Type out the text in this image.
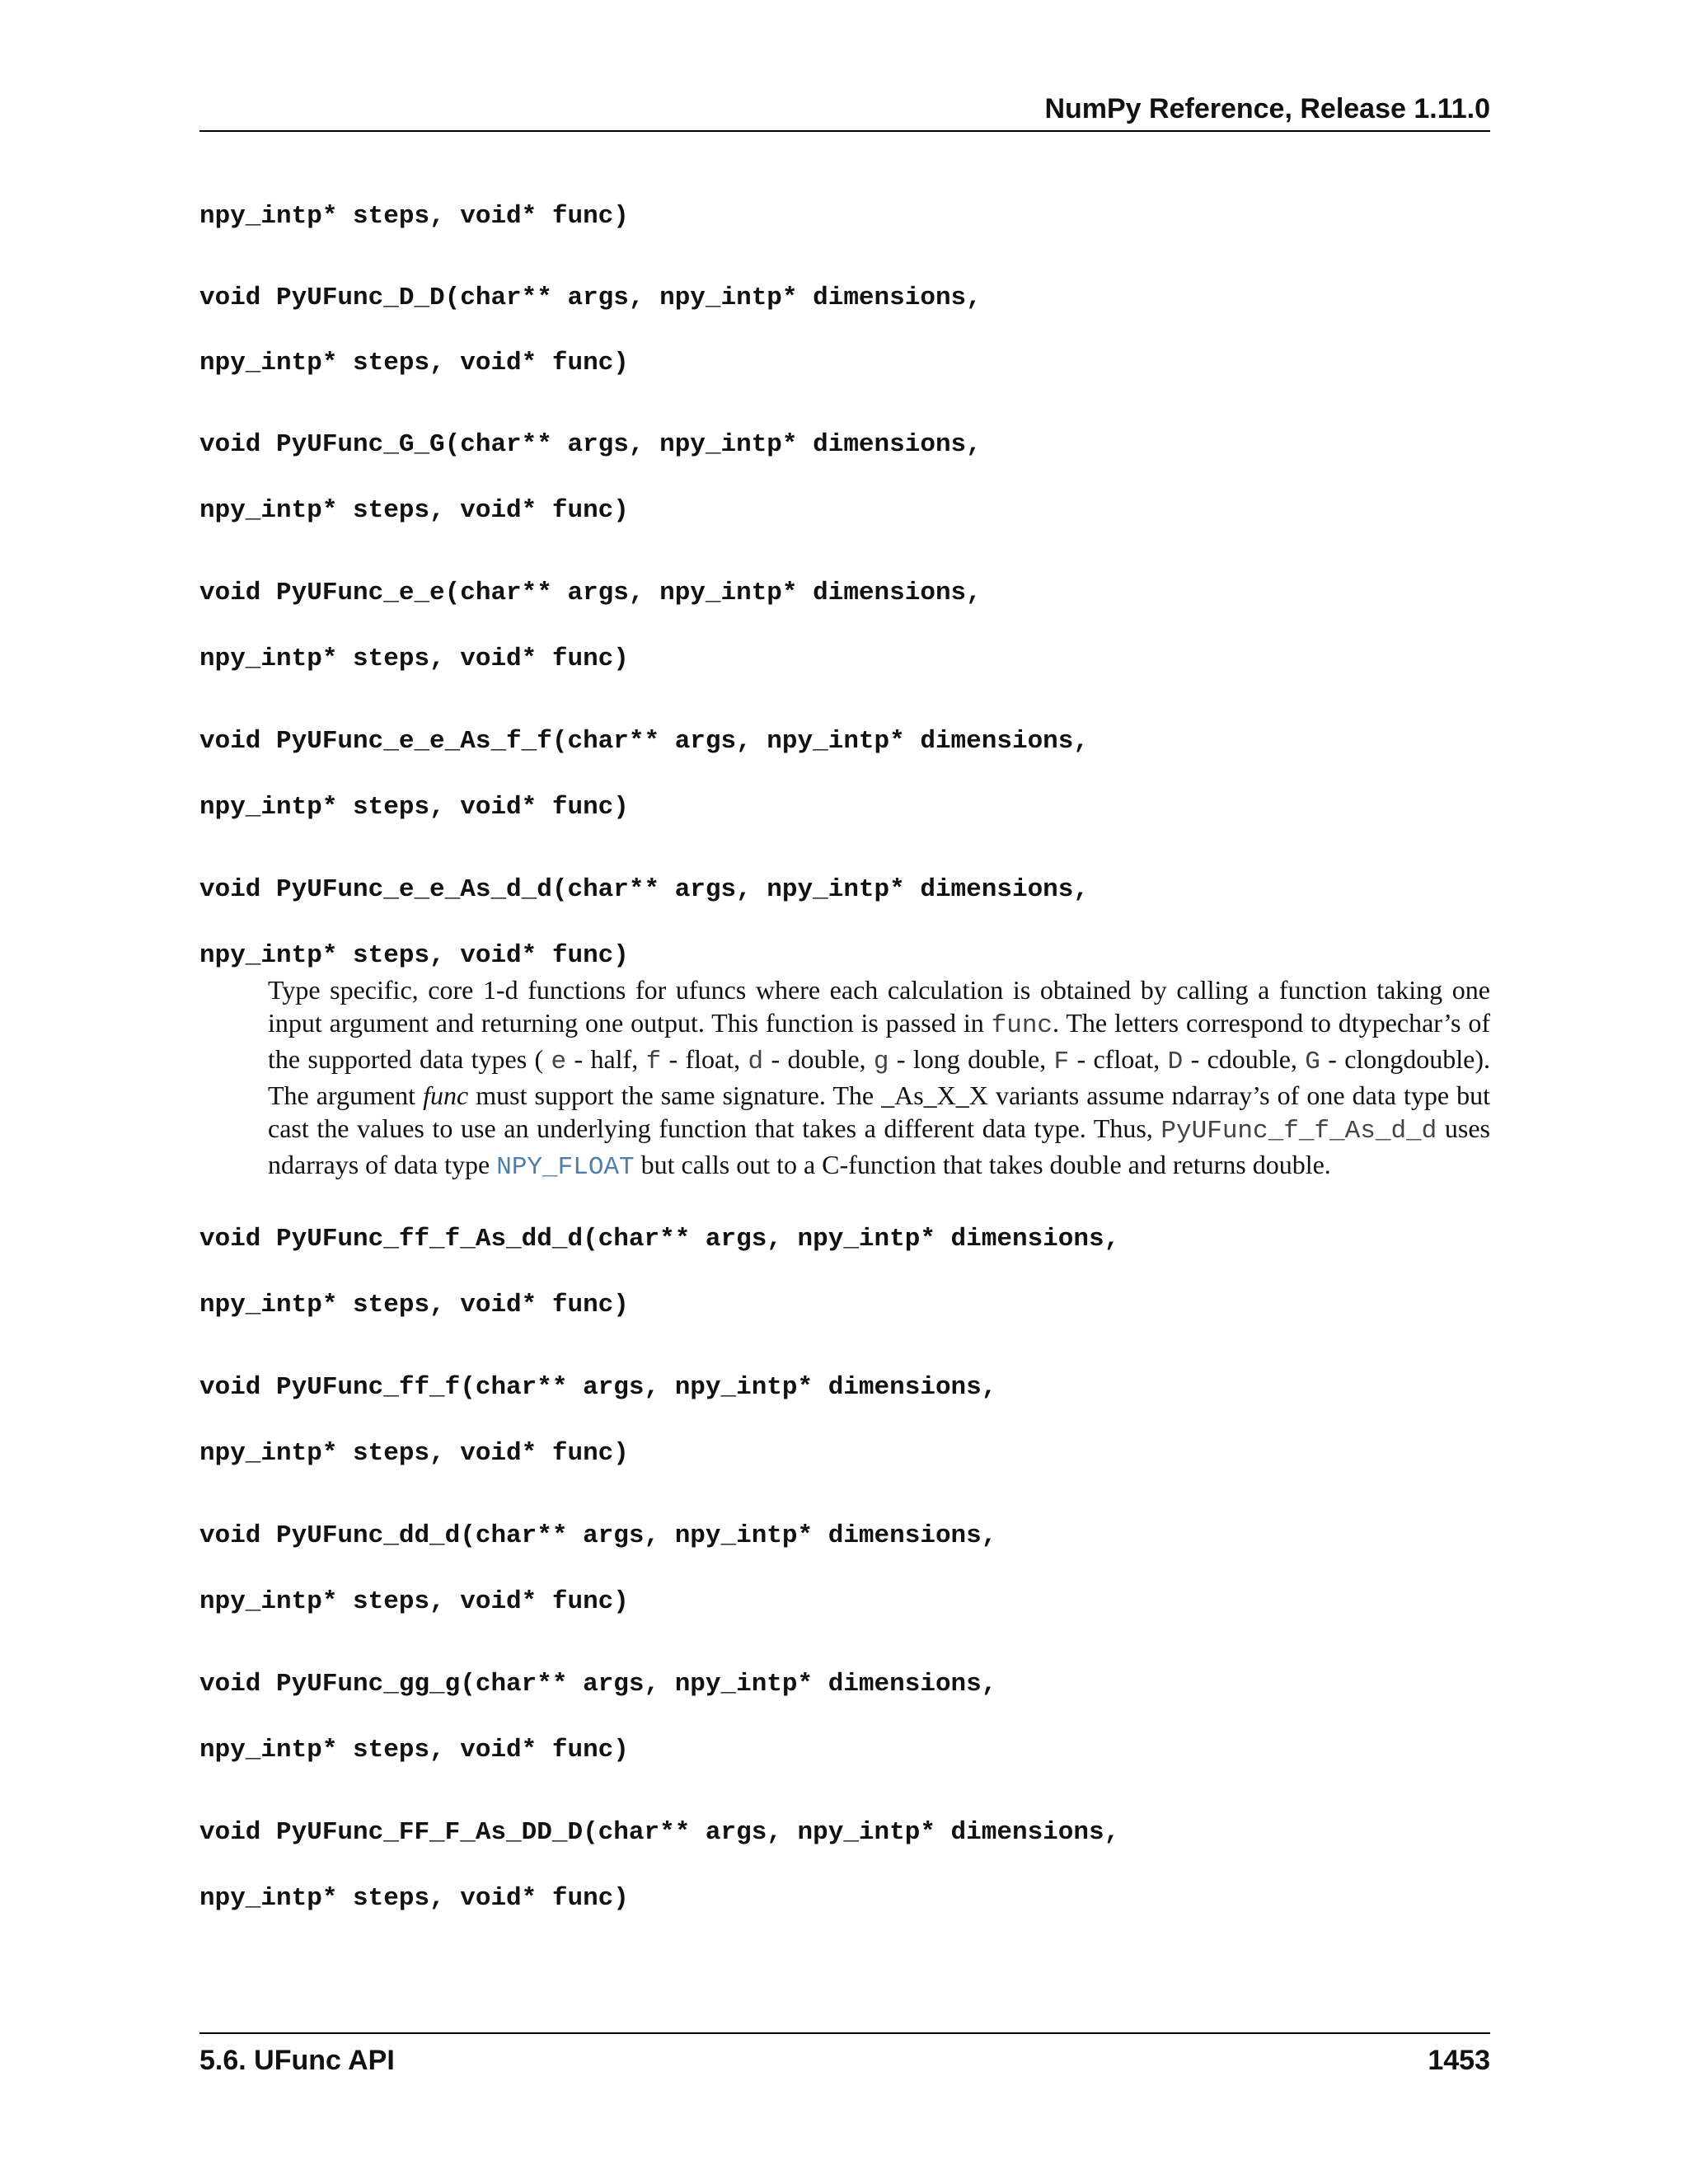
NumPy Reference, Release 1.11.0
npy_intp* steps, void* func)
void PyUFunc_D_D(char** args, npy_intp* dimensions,
npy_intp* steps, void* func)
void PyUFunc_G_G(char** args, npy_intp* dimensions,
npy_intp* steps, void* func)
void PyUFunc_e_e(char** args, npy_intp* dimensions,
npy_intp* steps, void* func)
void PyUFunc_e_e_As_f_f(char** args, npy_intp* dimensions,
npy_intp* steps, void* func)
void PyUFunc_e_e_As_d_d(char** args, npy_intp* dimensions,
npy_intp* steps, void* func)
Type specific, core 1-d functions for ufuncs where each calculation is obtained by calling a function taking one input argument and returning one output. This function is passed in func. The letters correspond to dtypechar’s of the supported data types ( e - half, f - float, d - double, g - long double, F - cfloat, D - cdouble, G - clongdouble). The argument func must support the same signature. The _As_X_X variants assume ndarray’s of one data type but cast the values to use an underlying function that takes a different data type. Thus, PyUFunc_f_f_As_d_d uses ndarrays of data type NPY_FLOAT but calls out to a C-function that takes double and returns double.
void PyUFunc_ff_f_As_dd_d(char** args, npy_intp* dimensions,
npy_intp* steps, void* func)
void PyUFunc_ff_f(char** args, npy_intp* dimensions,
npy_intp* steps, void* func)
void PyUFunc_dd_d(char** args, npy_intp* dimensions,
npy_intp* steps, void* func)
void PyUFunc_gg_g(char** args, npy_intp* dimensions,
npy_intp* steps, void* func)
void PyUFunc_FF_F_As_DD_D(char** args, npy_intp* dimensions,
npy_intp* steps, void* func)
5.6. UFunc API	1453
